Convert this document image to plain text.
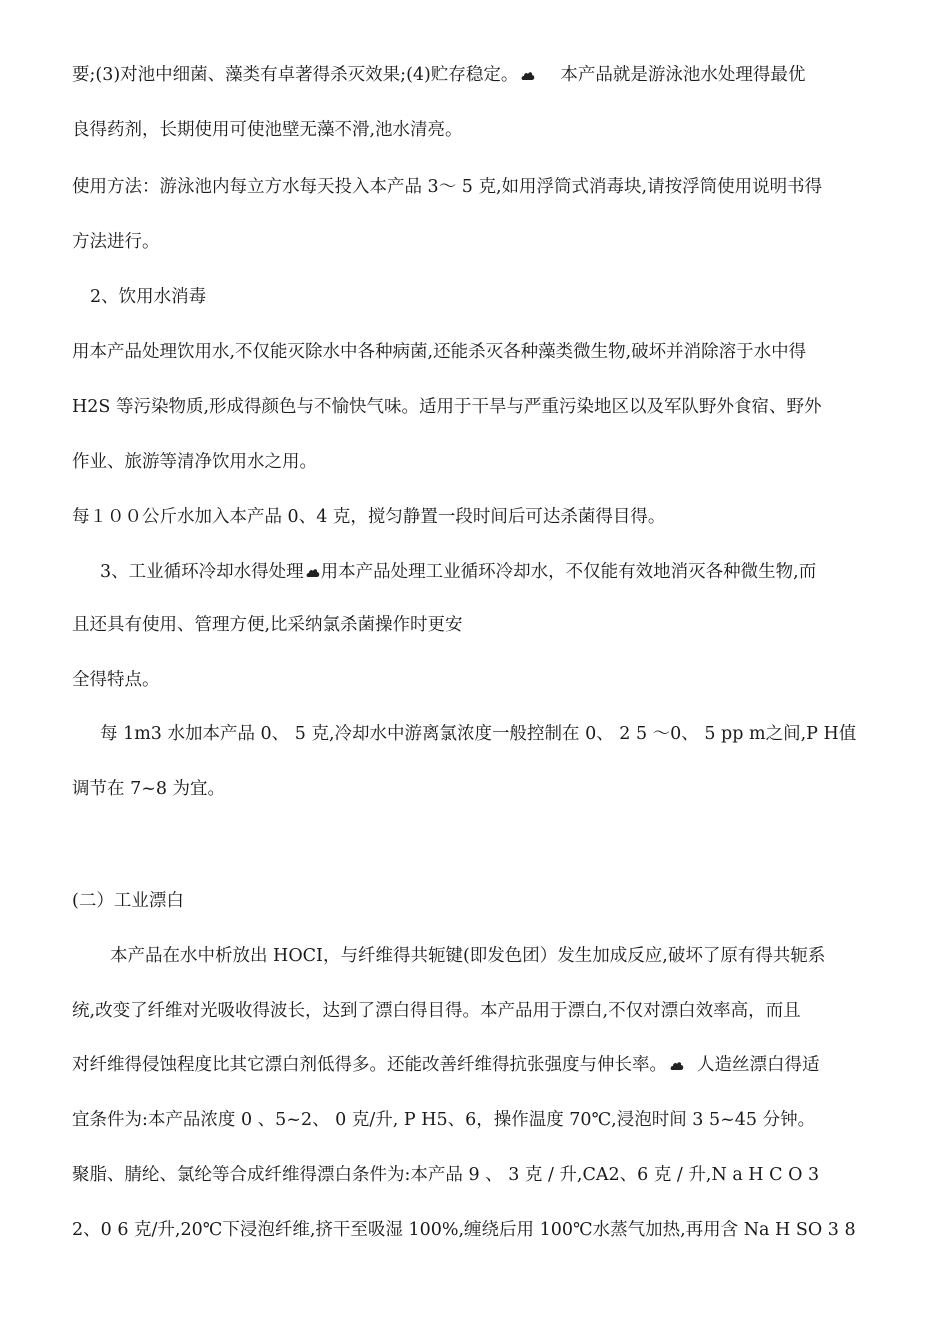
要;(3)对池中细菌、藻类有卓著得杀灭效果;(4)贮存稳定。 本产品就是游泳池水处理得最优
良得药剂，长期使用可使池壁无藻不滑,池水清亮。
使用方法：游泳池内每立方水每天投入本产品 3～ 5 克,如用浮筒式消毒块,请按浮筒使用说明书得
方法进行。
2、饮用水消毒
用本产品处理饮用水,不仅能灭除水中各种病菌,还能杀灭各种藻类微生物,破坏并消除溶于水中得
H2S 等污染物质,形成得颜色与不愉快气味。适用于干旱与严重污染地区以及军队野外食宿、野外
作业、旅游等清净饮用水之用。
每１００公斤水加入本产品 0、4 克，搅匀静置一段时间后可达杀菌得目得。
3、工业循环冷却水得处理 用本产品处理工业循环冷却水，不仅能有效地消灭各种微生物,而
且还具有使用、管理方便,比采纳氯杀菌操作时更安
全得特点。
每 1m3 水加本产品 0、 5 克,冷却水中游离氯浓度一般控制在 0、 2 5 ～0、 5 pp m之间,P H值
调节在 7~8 为宜。
(二）工业漂白
本产品在水中析放出 HOCI，与纤维得共轭键(即发色团）发生加成反应,破坏了原有得共轭系
统,改变了纤维对光吸收得波长，达到了漂白得目得。本产品用于漂白,不仅对漂白效率高，而且
对纤维得侵蚀程度比其它漂白剂低得多。还能改善纤维得抗张强度与伸长率。 人造丝漂白得适
宜条件为:本产品浓度 0 、5~2、 0 克/升, P H5、6，操作温度 70℃,浸泡时间 3 5~45 分钟。
聚脂、腈纶、氯纶等合成纤维得漂白条件为:本产品 9 、 3 克 / 升,CA2、6 克 / 升,N a H C O 3
2、0 6 克/升,20℃下浸泡纤维,挤干至吸湿 100%,缠绕后用 100℃水蒸气加热,再用含 Na H SO 3 8
